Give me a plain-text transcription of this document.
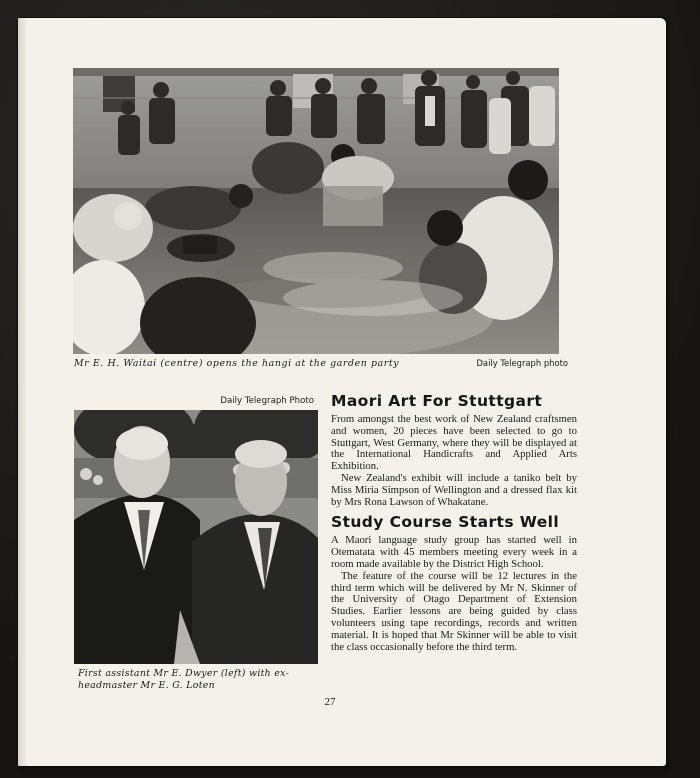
Mr E. H. Waitai (centre) opens the hangi at the garden party	Daily Telegraph photo
Daily Telegraph Photo
First assistant Mr E. Dwyer (left) with ex-headmaster Mr E. G. Loten
Maori Art For Stuttgart

From amongst the best work of New Zealand craftsmen and women, 20 pieces have been selected to go to Stuttgart, West Germany, where they will be displayed at the International Handicrafts and Applied Arts Exhibition.

New Zealand's exhibit will include a taniko belt by Miss Miria Simpson of Wellington and a dressed flax kit by Mrs Rona Lawson of Whakatane.

Study Course Starts Well

A Maori language study group has started well in Otematata with 45 members meeting every week in a room made available by the District High School.

The feature of the course will be 12 lectures in the third term which will be delivered by Mr N. Skinner of the University of Otago Department of Extension Studies. Earlier lessons are being guided by class volunteers using tape recordings, records and written material. It is hoped that Mr Skinner will be able to visit the class occasionally before the third term.

27
